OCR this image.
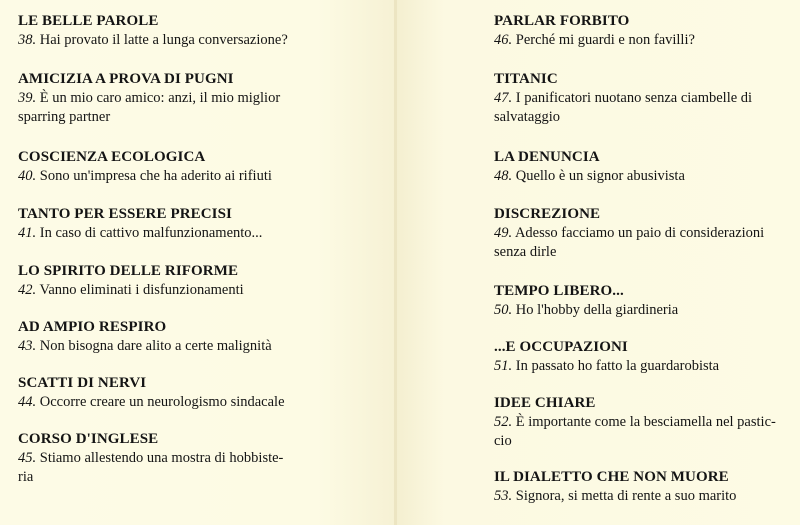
LE BELLE PAROLE
38. Hai provato il latte a lunga conversazione?
AMICIZIA A PROVA DI PUGNI
39. È un mio caro amico: anzi, il mio miglior
sparring partner
COSCIENZA ECOLOGICA
40. Sono un'impresa che ha aderito ai rifiuti
TANTO PER ESSERE PRECISI
41. In caso di cattivo malfunzionamento...
LO SPIRITO DELLE RIFORME
42. Vanno eliminati i disfunzionamenti
AD AMPIO RESPIRO
43. Non bisogna dare alito a certe malignità
SCATTI DI NERVI
44. Occorre creare un neurologismo sindacale
CORSO D'INGLESE
45. Stiamo allestendo una mostra di hobbiste-
ria
PARLAR FORBITO
46. Perché mi guardi e non favilli?
TITANIC
47. I panificatori nuotano senza ciambelle di
salvataggio
LA DENUNCIA
48. Quello è un signor abusivista
DISCREZIONE
49. Adesso facciamo un paio di considerazioni
senza dirle
TEMPO LIBERO...
50. Ho l'hobby della giardineria
...E OCCUPAZIONI
51. In passato ho fatto la guardarobista
IDEE CHIARE
52. È importante come la besciamella nel pastic-
cio
IL DIALETTO CHE NON MUORE
53. Signora, si metta di rente a suo marito
